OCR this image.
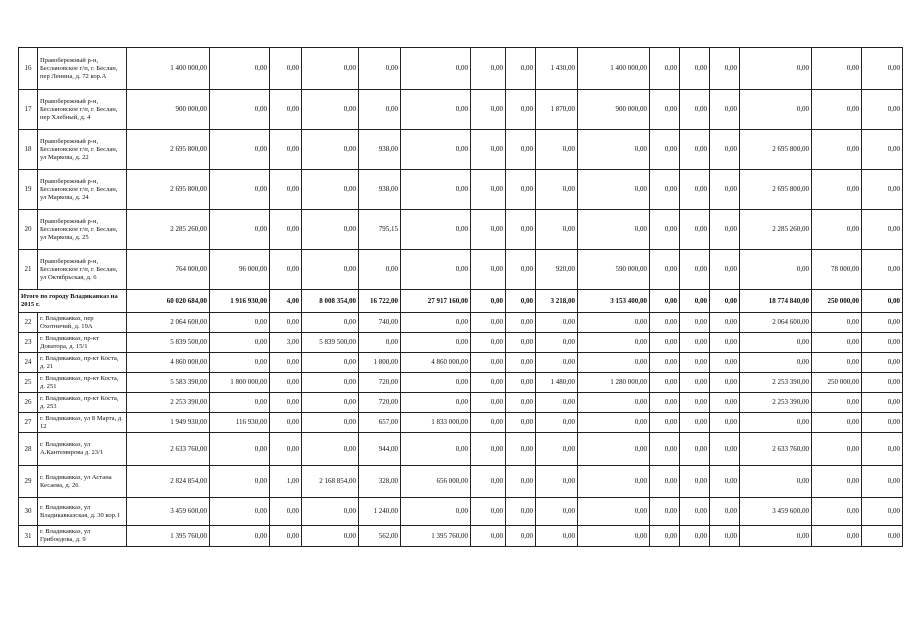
16	Правобережный р-н, Беслановское г/п, г. Беслан, пер Ленина, д. 72 кор.А	1 400 000,00	0,00	0,00	0,00	0,00	0,00	0,00	0,00	1 430,00	1 400 000,00	0,00	0,00	0,00	0,00	0,00	0,00
17	Правобережный р-н, Беслановское г/п, г. Беслан, пер Хлебный, д. 4	900 000,00	0,00	0,00	0,00	0,00	0,00	0,00	0,00	1 870,00	900 000,00	0,00	0,00	0,00	0,00	0,00	0,00
18	Правобережный р-н, Беслановское г/п, г. Беслан, ул Маркова, д. 22	2 695 800,00	0,00	0,00	0,00	938,00	0,00	0,00	0,00	0,00	0,00	0,00	0,00	0,00	2 695 800,00	0,00	0,00
19	Правобережный р-н, Беслановское г/п, г. Беслан, ул Маркова, д. 24	2 695 800,00	0,00	0,00	0,00	938,00	0,00	0,00	0,00	0,00	0,00	0,00	0,00	0,00	2 695 800,00	0,00	0,00
20	Правобережный р-н, Беслановское г/п, г. Беслан, ул Маркова, д. 25	2 285 260,00	0,00	0,00	0,00	795,15	0,00	0,00	0,00	0,00	0,00	0,00	0,00	0,00	2 285 260,00	0,00	0,00
21	Правобережный р-н, Беслановское г/п, г. Беслан, ул Октябрьская, д. 6	764 000,00	96 000,00	0,00	0,00	0,00	0,00	0,00	0,00	920,00	590 000,00	0,00	0,00	0,00	0,00	78 000,00	0,00
Итого по городу Владикавказ на 2015 г.		60 020 684,00	1 916 930,00	4,00	8 008 354,00	16 722,00	27 917 160,00	0,00	0,00	3 218,00	3 153 400,00	0,00	0,00	0,00	18 774 840,00	250 000,00	0,00
22	г. Владикавказ, пер Охотничий, д. 19А	2 064 600,00	0,00	0,00	0,00	740,00	0,00	0,00	0,00	0,00	0,00	0,00	0,00	0,00	2 064 600,00	0,00	0,00
23	г. Владикавказ, пр-кт Доватора, д. 15/1	5 839 500,00	0,00	3,00	5 839 500,00	0,00	0,00	0,00	0,00	0,00	0,00	0,00	0,00	0,00	0,00	0,00	0,00
24	г. Владикавказ, пр-кт Коста, д. 21	4 860 000,00	0,00	0,00	0,00	1 800,00	4 860 000,00	0,00	0,00	0,00	0,00	0,00	0,00	0,00	0,00	0,00	0,00
25	г. Владикавказ, пр-кт Коста, д. 251	5 583 390,00	1 800 000,00	0,00	0,00	720,00	0,00	0,00	0,00	1 480,00	1 280 000,00	0,00	0,00	0,00	2 253 390,00	250 000,00	0,00
26	г. Владикавказ, пр-кт Коста, д. 253	2 253 390,00	0,00	0,00	0,00	720,00	0,00	0,00	0,00	0,00	0,00	0,00	0,00	0,00	2 253 390,00	0,00	0,00
27	г. Владикавказ, ул 8 Марта, д. 12	1 949 930,00	116 930,00	0,00	0,00	657,00	1 833 000,00	0,00	0,00	0,00	0,00	0,00	0,00	0,00	0,00	0,00	0,00
28	г. Владикавказ, ул А.Кантемирова д. 23/1	2 633 760,00	0,00	0,00	0,00	944,00	0,00	0,00	0,00	0,00	0,00	0,00	0,00	0,00	2 633 760,00	0,00	0,00
29	г. Владикавказ, ул Астана Кесаева, д. 26	2 824 854,00	0,00	1,00	2 168 854,00	328,00	656 000,00	0,00	0,00	0,00	0,00	0,00	0,00	0,00	0,00	0,00	0,00
30	г. Владикавказ, ул Владикавказская, д. 30 кор.1	3 459 600,00	0,00	0,00	0,00	1 240,00	0,00	0,00	0,00	0,00	0,00	0,00	0,00	0,00	3 459 600,00	0,00	0,00
31	г. Владикавказ, ул Грибоедова, д. 9	1 395 760,00	0,00	0,00	0,00	562,00	1 395 760,00	0,00	0,00	0,00	0,00	0,00	0,00	0,00	0,00	0,00	0,00
